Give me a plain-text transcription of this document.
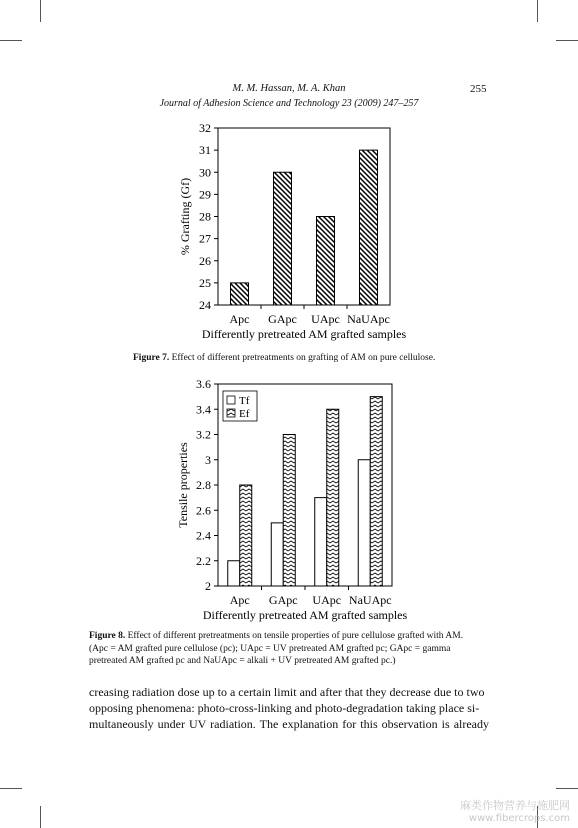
M. M. Hassan, M. A. Khan	255
Journal of Adhesion Science and Technology 23 (2009) 247–257
24
25
26
27
28
29
30
31
32
Apc GApc UApc NaUApc
Differently pretreated AM grafted samples
% Grafting (Gf)
Figure 7. Effect of different pretreatments on grafting of AM on pure cellulose.
2
2.2
2.4
2.6
2.8
3
3.2
3.4
3.6
Apc GApc UApc NaUApc
Differently pretreated AM grafted samples
Tensile properties
Tf
Ef
Figure 8. Effect of different pretreatments on tensile properties of pure cellulose grafted with AM.
(Apc = AM grafted pure cellulose (pc); UApc = UV pretreated AM grafted pc; GApc = gamma
pretreated AM grafted pc and NaUApc = alkali + UV pretreated AM grafted pc.)
creasing radiation dose up to a certain limit and after that they decrease due to two
opposing phenomena: photo-cross-linking and photo-degradation taking place si-
multaneously under UV radiation. The explanation for this observation is already
麻类作物营养与施肥网
www.fibercrops.com
